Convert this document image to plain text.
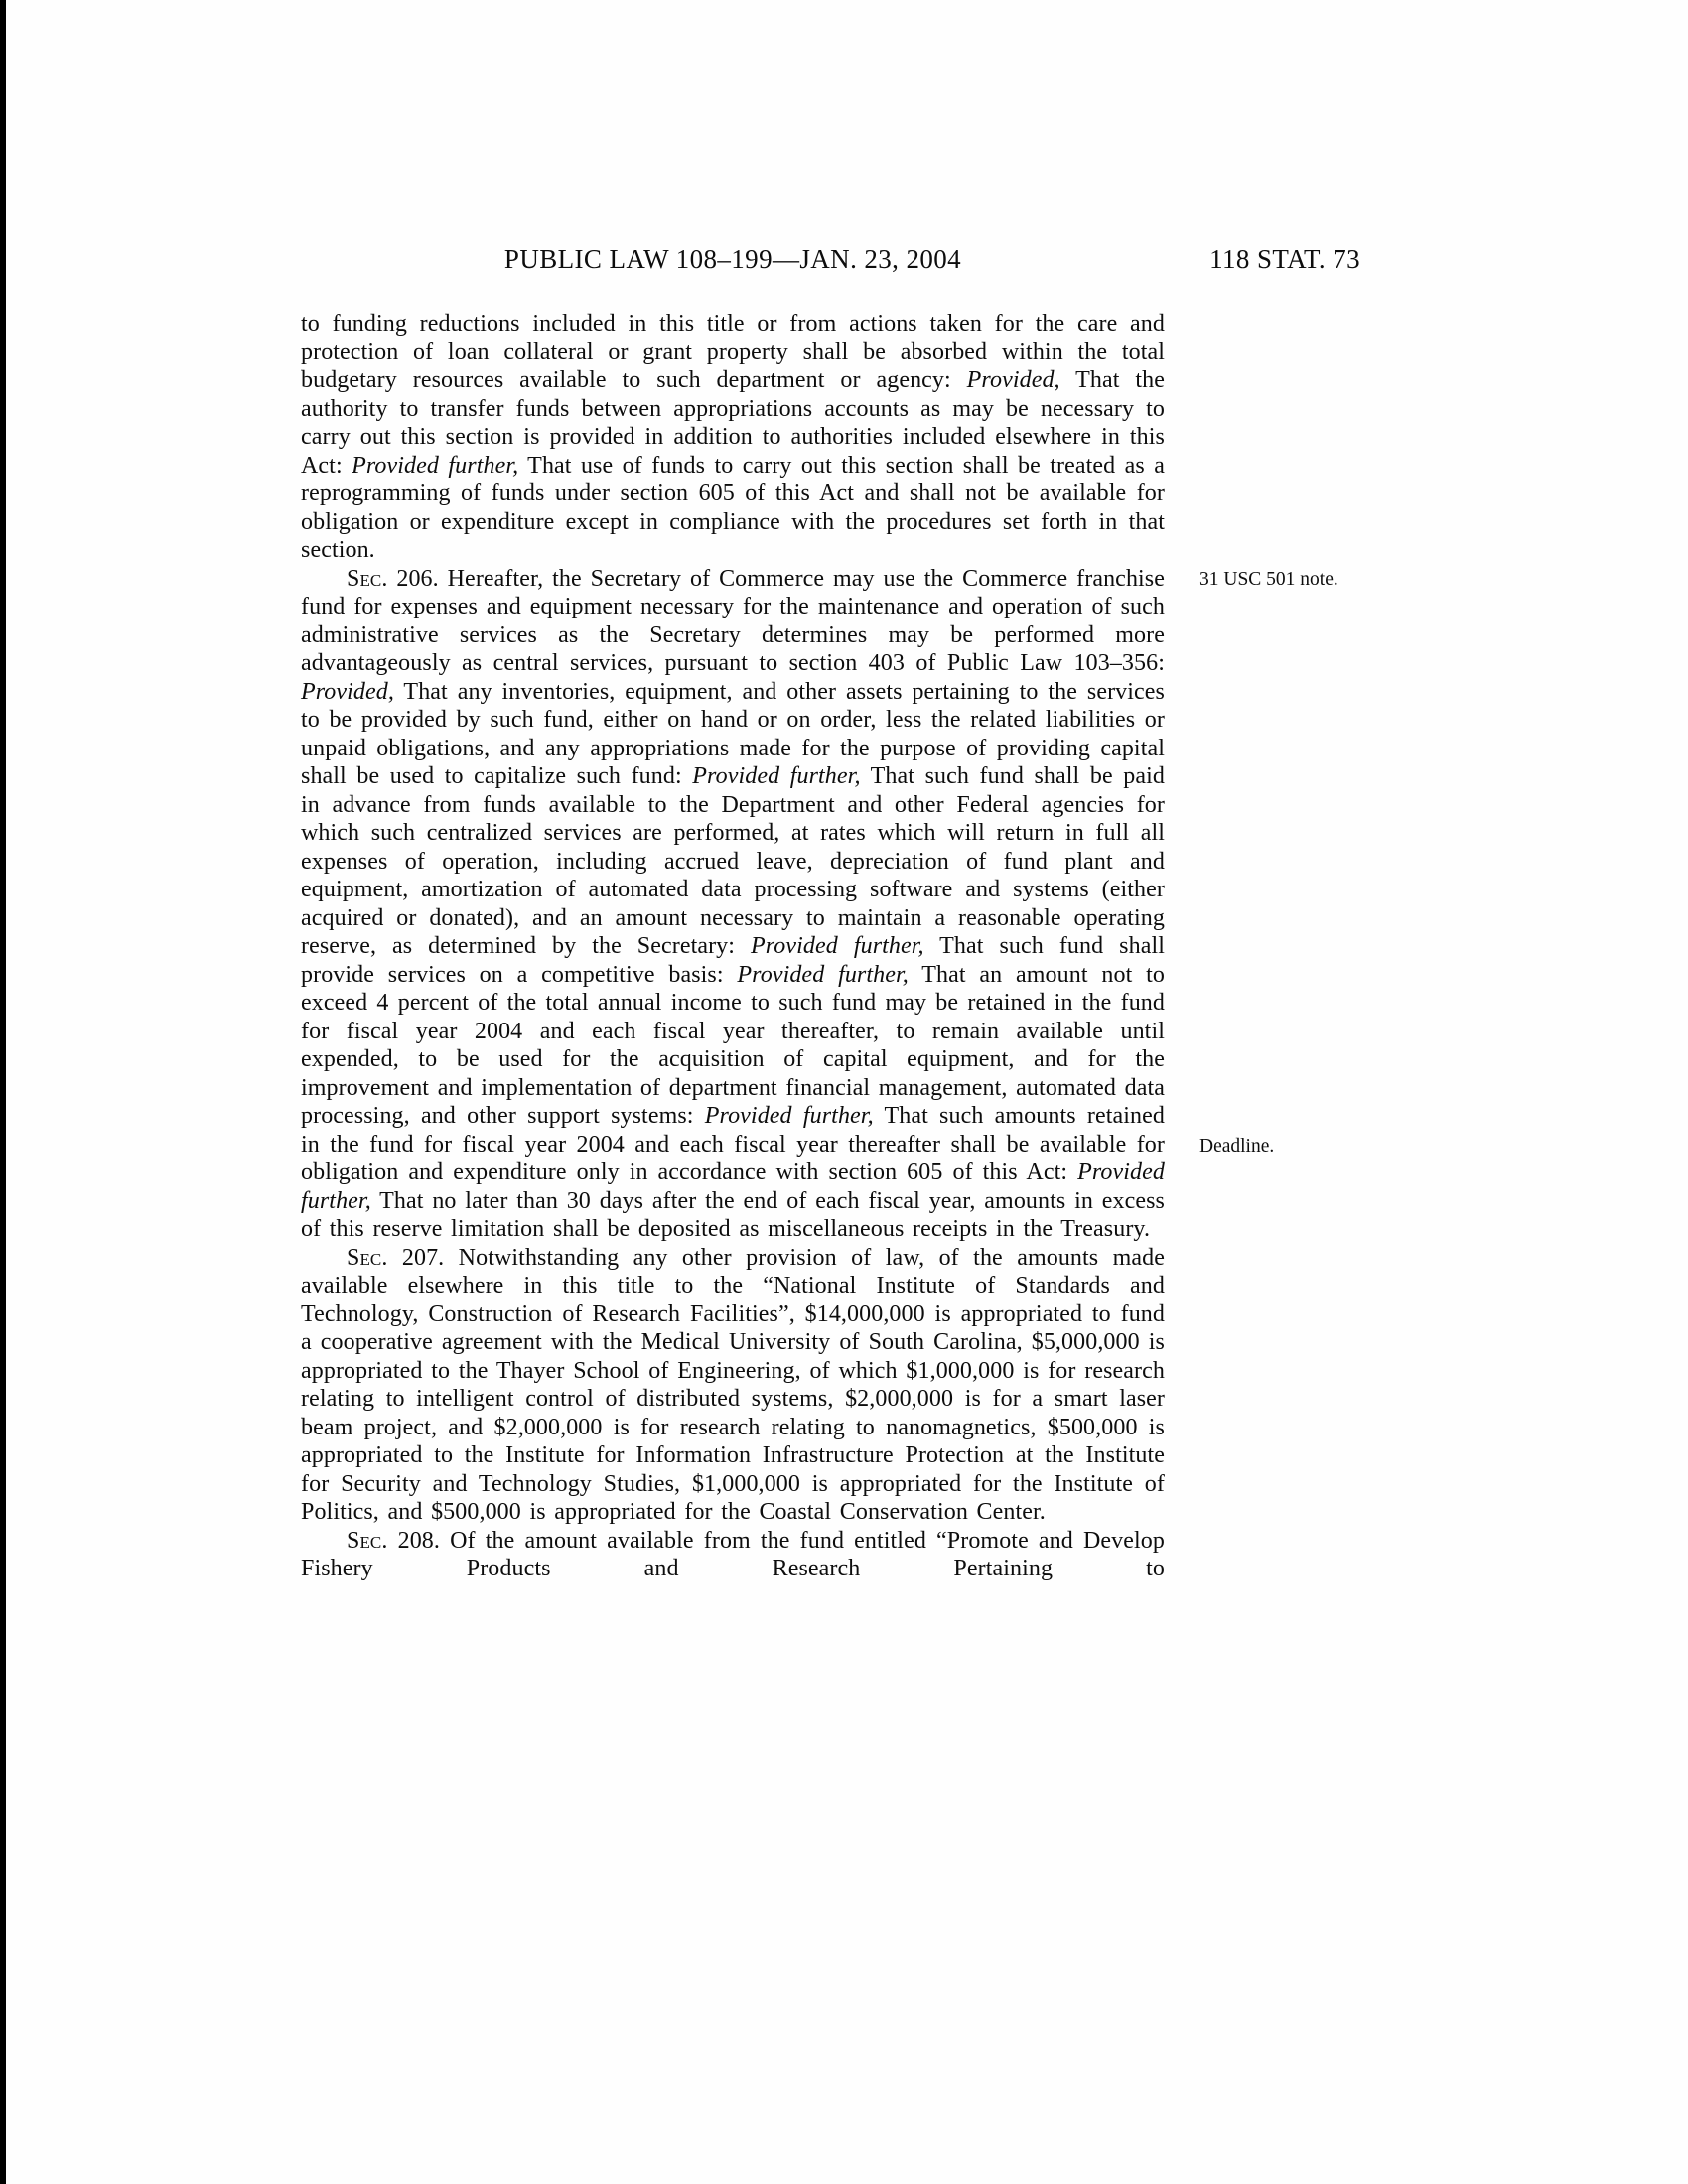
PUBLIC LAW 108–199—JAN. 23, 2004	118 STAT. 73

to funding reductions included in this title or from actions taken for the care and protection of loan collateral or grant property shall be absorbed within the total budgetary resources available to such department or agency: Provided, That the authority to transfer funds between appropriations accounts as may be necessary to carry out this section is provided in addition to authorities included elsewhere in this Act: Provided further, That use of funds to carry out this section shall be treated as a reprogramming of funds under section 605 of this Act and shall not be available for obligation or expenditure except in compliance with the procedures set forth in that section.

31 USC 501 note.
Deadline.

Sec. 206. Hereafter, the Secretary of Commerce may use the Commerce franchise fund for expenses and equipment necessary for the maintenance and operation of such administrative services as the Secretary determines may be performed more advantageously as central services, pursuant to section 403 of Public Law 103–356: Provided, That any inventories, equipment, and other assets pertaining to the services to be provided by such fund, either on hand or on order, less the related liabilities or unpaid obligations, and any appropriations made for the purpose of providing capital shall be used to capitalize such fund: Provided further, That such fund shall be paid in advance from funds available to the Department and other Federal agencies for which such centralized services are performed, at rates which will return in full all expenses of operation, including accrued leave, depreciation of fund plant and equipment, amortization of automated data processing software and systems (either acquired or donated), and an amount necessary to maintain a reasonable operating reserve, as determined by the Secretary: Provided further, That such fund shall provide services on a competitive basis: Provided further, That an amount not to exceed 4 percent of the total annual income to such fund may be retained in the fund for fiscal year 2004 and each fiscal year thereafter, to remain available until expended, to be used for the acquisition of capital equipment, and for the improvement and implementation of department financial management, automated data processing, and other support systems: Provided further, That such amounts retained in the fund for fiscal year 2004 and each fiscal year thereafter shall be available for obligation and expenditure only in accordance with section 605 of this Act: Provided further, That no later than 30 days after the end of each fiscal year, amounts in excess of this reserve limitation shall be deposited as miscellaneous receipts in the Treasury.

Sec. 207. Notwithstanding any other provision of law, of the amounts made available elsewhere in this title to the “National Institute of Standards and Technology, Construction of Research Facilities”, $14,000,000 is appropriated to fund a cooperative agreement with the Medical University of South Carolina, $5,000,000 is appropriated to the Thayer School of Engineering, of which $1,000,000 is for research relating to intelligent control of distributed systems, $2,000,000 is for a smart laser beam project, and $2,000,000 is for research relating to nanomagnetics, $500,000 is appropriated to the Institute for Information Infrastructure Protection at the Institute for Security and Technology Studies, $1,000,000 is appropriated for the Institute of Politics, and $500,000 is appropriated for the Coastal Conservation Center.

Sec. 208. Of the amount available from the fund entitled “Promote and Develop Fishery Products and Research Pertaining to
